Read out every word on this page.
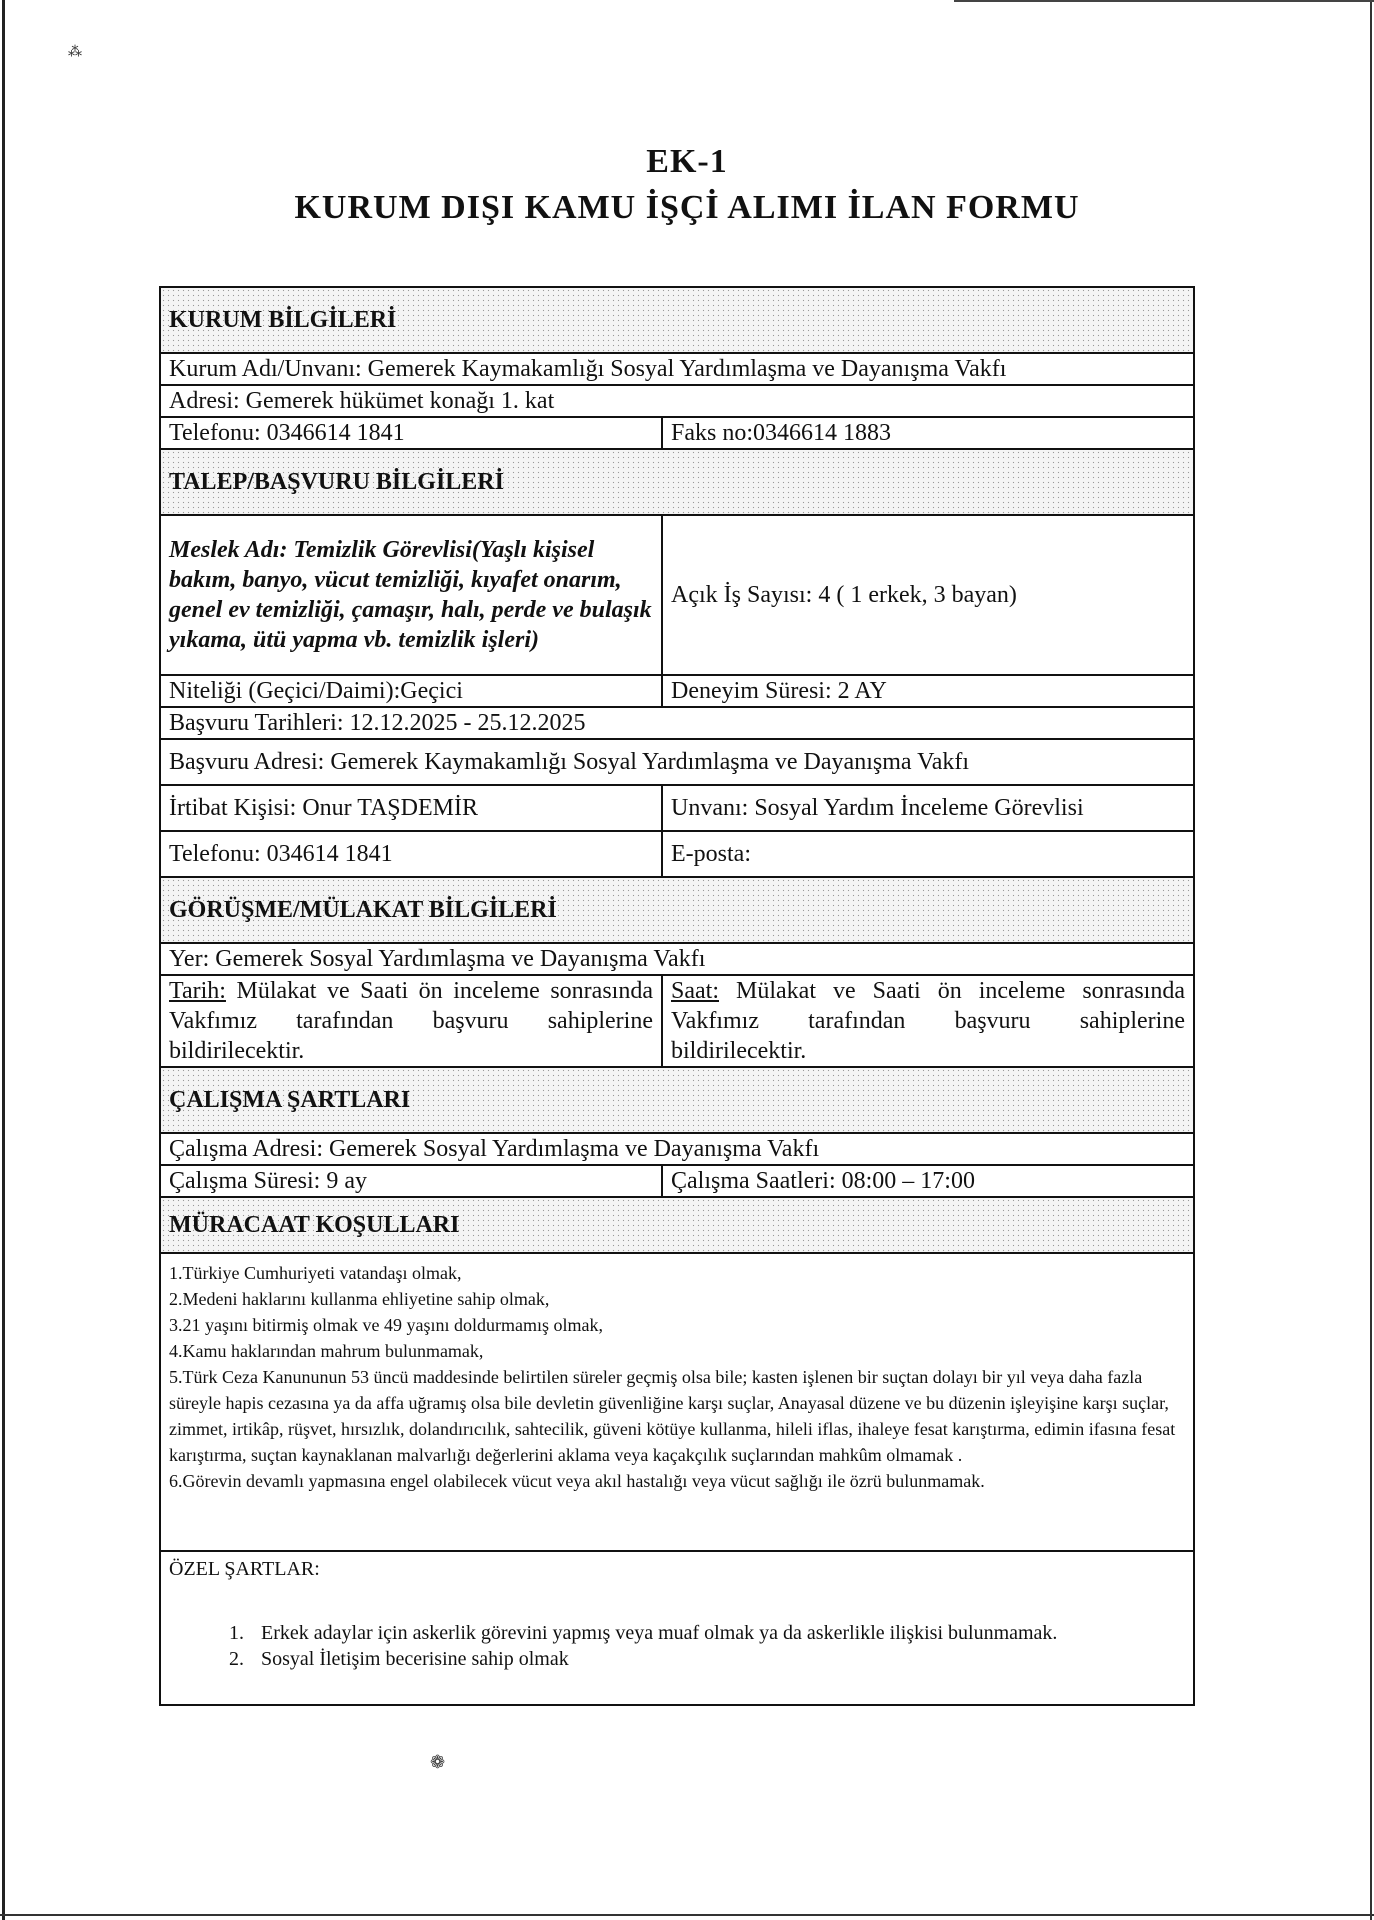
⁂
EK-1
KURUM DIŞI KAMU İŞÇİ ALIMI İLAN FORMU
KURUM BİLGİLERİ	
Kurum Adı/Unvanı: Gemerek Kaymakamlığı Sosyal Yardımlaşma ve Dayanışma Vakfı	
Adresi: Gemerek hükümet konağı 1. kat	
Telefonu: 0346614 1841	Faks no:0346614 1883
TALEP/BAŞVURU BİLGİLERİ	
Meslek Adı: Temizlik Görevlisi(Yaşlı kişisel bakım, banyo, vücut temizliği, kıyafet onarım, genel ev temizliği, çamaşır, halı, perde ve bulaşık yıkama, ütü yapma vb. temizlik işleri)	Açık İş Sayısı: 4 ( 1 erkek, 3 bayan)
Niteliği (Geçici/Daimi):Geçici	Deneyim Süresi: 2 AY
Başvuru Tarihleri: 12.12.2025 - 25.12.2025	
Başvuru Adresi: Gemerek Kaymakamlığı Sosyal Yardımlaşma ve Dayanışma Vakfı	
İrtibat Kişisi: Onur TAŞDEMİR	Unvanı: Sosyal Yardım İnceleme Görevlisi
Telefonu: 034614 1841	E-posta:
GÖRÜŞME/MÜLAKAT BİLGİLERİ	
Yer: Gemerek Sosyal Yardımlaşma ve Dayanışma Vakfı	
Tarih: Mülakat ve Saati ön inceleme sonrasında Vakfımız tarafından başvuru sahiplerine bildirilecektir.	Saat: Mülakat ve Saati ön inceleme sonrasında Vakfımız tarafından başvuru sahiplerine bildirilecektir.
ÇALIŞMA ŞARTLARI	
Çalışma Adresi: Gemerek Sosyal Yardımlaşma ve Dayanışma Vakfı	
Çalışma Süresi: 9 ay	Çalışma Saatleri: 08:00 – 17:00
MÜRACAAT KOŞULLARI	

1.Türkiye Cumhuriyeti vatandaşı olmak,

2.Medeni haklarını kullanma ehliyetine sahip olmak,

3.21 yaşını bitirmiş olmak ve 49 yaşını doldurmamış olmak,

4.Kamu haklarından mahrum bulunmamak,

5.Türk Ceza Kanununun 53 üncü maddesinde belirtilen süreler geçmiş olsa bile; kasten işlenen bir suçtan dolayı bir yıl veya daha fazla süreyle hapis cezasına ya da affa uğramış olsa bile devletin güvenliğine karşı suçlar, Anayasal düzene ve bu düzenin işleyişine karşı suçlar, zimmet, irtikâp, rüşvet, hırsızlık, dolandırıcılık, sahtecilik, güveni kötüye kullanma, hileli iflas, ihaleye fesat karıştırma, edimin ifasına fesat karıştırma, suçtan kaynaklanan malvarlığı değerlerini aklama veya kaçakçılık suçlarından mahkûm olmamak .

6.Görevin devamlı yapmasına engel olabilecek vücut veya akıl hastalığı veya vücut sağlığı ile özrü bulunmamak.

ÖZEL ŞARTLAR:
1. Erkek adaylar için askerlik görevini yapmış veya muaf olmak ya da askerlikle ilişkisi bulunmamak.
2. Sosyal İletişim becerisine sahip olmak
❁
